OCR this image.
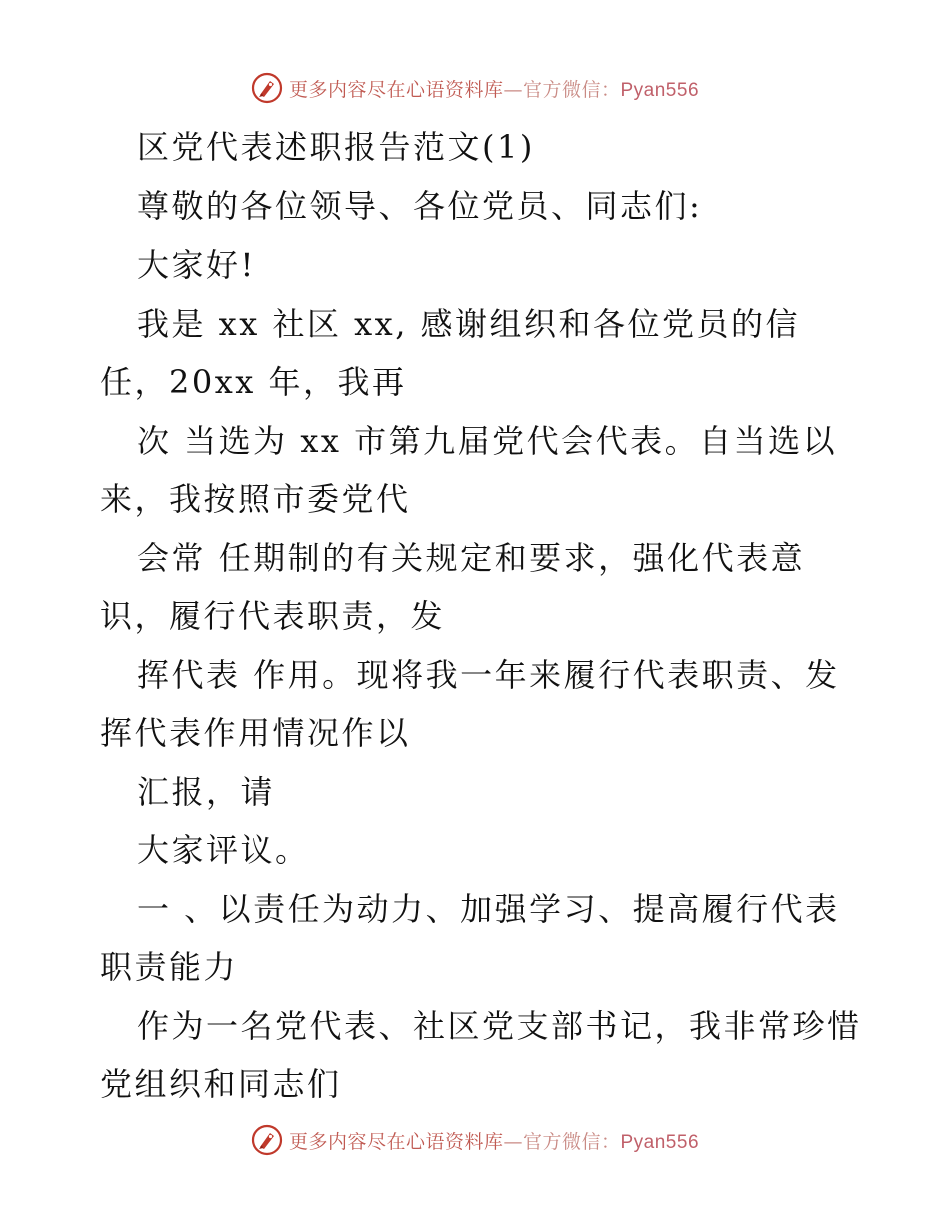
更多内容尽在心语资料库—官方微信：Pyan556
区党代表述职报告范文(1)
尊敬的各位领导、各位党员、同志们:
大家好!
我是 xx 社区 xx, 感谢组织和各位党员的信
任，20xx 年，我再
次 当选为 xx 市第九届党代会代表。自当选以
来，我按照市委党代
会常 任期制的有关规定和要求，强化代表意
识，履行代表职责，发
挥代表 作用。现将我一年来履行代表职责、发
挥代表作用情况作以
汇报，请
大家评议。
一 、以责任为动力、加强学习、提高履行代表
职责能力
作为一名党代表、社区党支部书记，我非常珍惜
党组织和同志们
更多内容尽在心语资料库—官方微信：Pyan556
